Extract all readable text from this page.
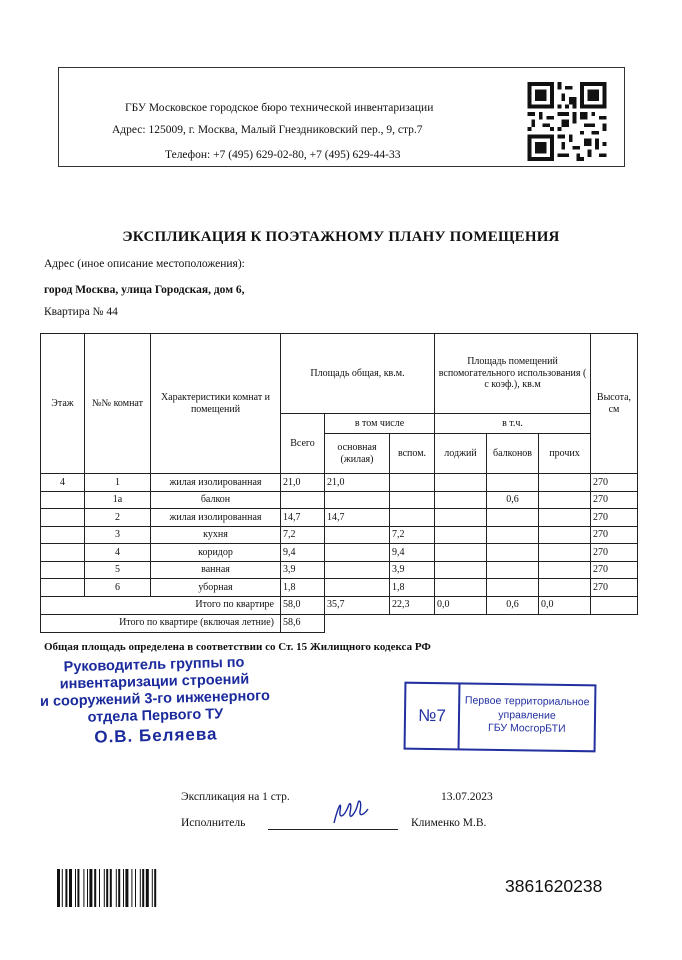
ГБУ Московское городское бюро технической инвентаризации
Адрес: 125009, г. Москва, Малый Гнездниковский пер., 9, стр.7
Телефон: +7 (495) 629-02-80, +7 (495) 629-44-33
ЭКСПЛИКАЦИЯ К ПОЭТАЖНОМУ ПЛАНУ ПОМЕЩЕНИЯ
Адрес (иное описание местоположения):
город Москва, улица Городская, дом 6,
Квартира № 44
Этаж	№№ комнат	Характеристики комнат и помещений	Площадь общая, кв.м.			Площадь помещений вспомогательного использования ( с коэф.), кв.м			Высота, см
			Всего	в том числе		в т.ч.			
				основная (жилая)	вспом.	лоджий	балконов	прочих	
4	1	жилая изолированная	21,0	21,0					270
	1а	балкон					0,6		270
	2	жилая изолированная	14,7	14,7					270
	3	кухня	7,2		7,2				270
	4	коридор	9,4		9,4				270
	5	ванная	3,9		3,9				270
	6	уборная	1,8		1,8				270
Итого по квартире			58,0	35,7	22,3	0,0	0,6	0,0	
Итого по квартире (включая летние)			58,6						
Общая площадь определена в соответствии со Ст. 15 Жилищного кодекса РФ
Руководитель группы по
инвентаризации строений
и сооружений 3-го инженерного
отдела Первого ТУ
О.В. Беляева
№7
Первое территориальное
управление
ГБУ МосгорБТИ
Экспликация на 1 стр.	13.07.2023
Исполнитель	Клименко М.В.
3861620238
